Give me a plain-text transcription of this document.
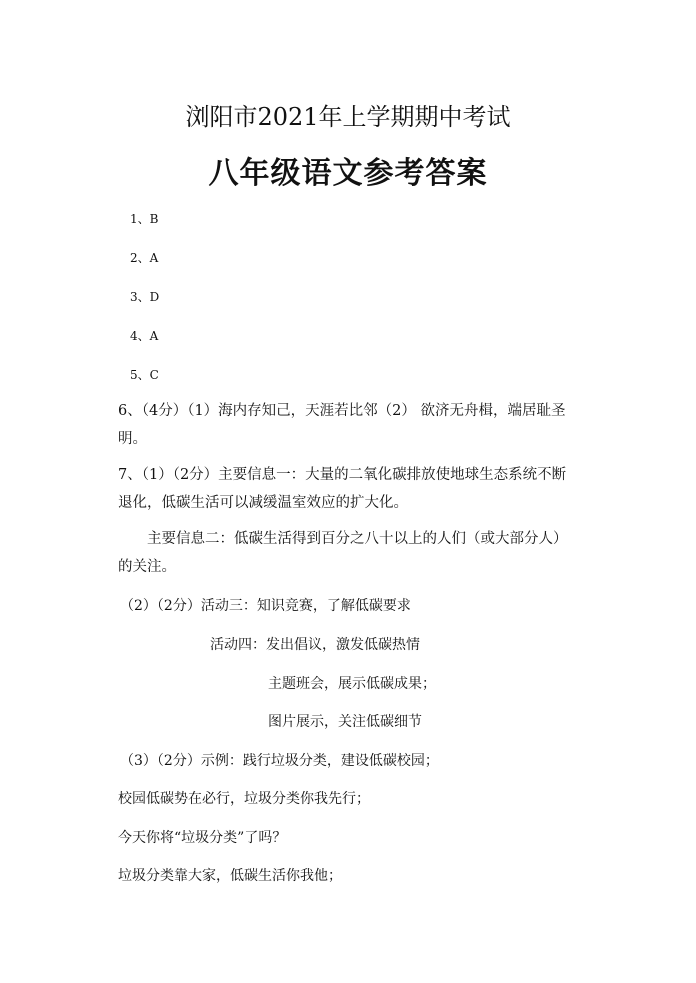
浏阳市2021年上学期期中考试
八年级语文参考答案
1、B
2、A
3、D
4、A
5、C
6、（4分）（1）海内存知己，天涯若比邻（2） 欲济无舟楫，端居耻圣明。
7、（1）（2分）主要信息一：大量的二氧化碳排放使地球生态系统不断退化，低碳生活可以减缓温室效应的扩大化。
主要信息二：低碳生活得到百分之八十以上的人们（或大部分人）的关注。
（2）（2分）活动三：知识竞赛，了解低碳要求
活动四：发出倡议，激发低碳热情
主题班会，展示低碳成果；
图片展示，关注低碳细节
（3）（2分）示例：践行垃圾分类，建设低碳校园；
校园低碳势在必行，垃圾分类你我先行；
今天你将“垃圾分类”了吗？
垃圾分类靠大家，低碳生活你我他；
